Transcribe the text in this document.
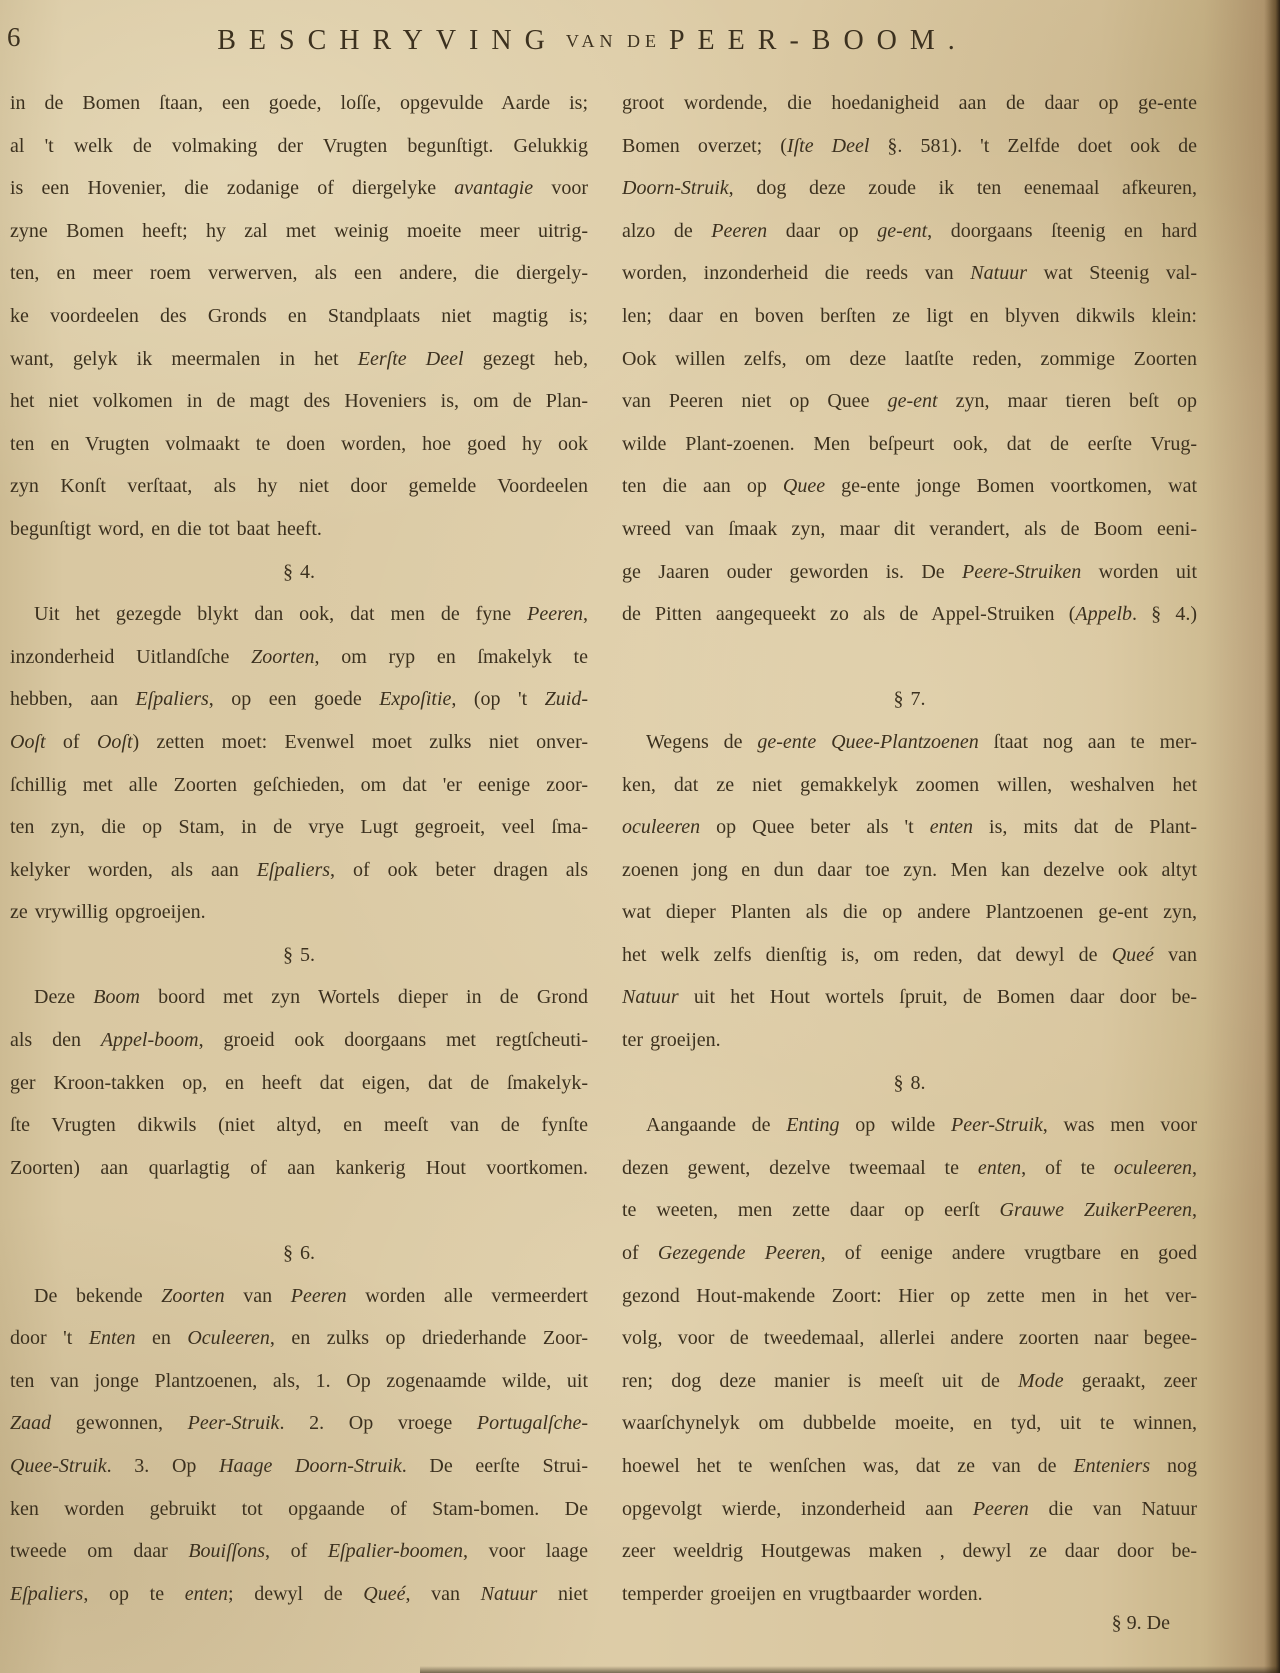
6	BESCHRYVING VAN DE PEER-BOOM.
in de Bomen ſtaan, een goede, loſſe, opgevulde Aarde is;
al 't welk de volmaking der Vrugten begunſtigt. Gelukkig
is een Hovenier, die zodanige of diergelyke avantagie voor
zyne Bomen heeft; hy zal met weinig moeite meer uitrig-
ten, en meer roem verwerven, als een andere, die diergely-
ke voordeelen des Gronds en Standplaats niet magtig is;
want, gelyk ik meermalen in het Eerſte Deel gezegt heb,
het niet volkomen in de magt des Hoveniers is, om de Plan-
ten en Vrugten volmaakt te doen worden, hoe goed hy ook
zyn Konſt verſtaat, als hy niet door gemelde Voordeelen
begunſtigt word, en die tot baat heeft.
§ 4.
Uit het gezegde blykt dan ook, dat men de fyne Peeren,
inzonderheid Uitlandſche Zoorten, om ryp en ſmakelyk te
hebben, aan Eſpaliers, op een goede Expoſitie, (op 't Zuid-
Ooſt of Ooſt) zetten moet: Evenwel moet zulks niet onver-
ſchillig met alle Zoorten geſchieden, om dat 'er eenige zoor-
ten zyn, die op Stam, in de vrye Lugt gegroeit, veel ſma-
kelyker worden, als aan Eſpaliers, of ook beter dragen als
ze vrywillig opgroeijen.
§ 5.
Deze Boom boord met zyn Wortels dieper in de Grond
als den Appel-boom, groeid ook doorgaans met regtſcheuti-
ger Kroon-takken op, en heeft dat eigen, dat de ſmakelyk-
ſte Vrugten dikwils (niet altyd, en meeſt van de fynſte
Zoorten) aan quarlagtig of aan kankerig Hout voortkomen.
§ 6.
De bekende Zoorten van Peeren worden alle vermeerdert
door 't Enten en Oculeeren, en zulks op driederhande Zoor-
ten van jonge Plantzoenen, als, 1. Op zogenaamde wilde, uit
Zaad gewonnen, Peer-Struik. 2. Op vroege Portugalſche-
Quee-Struik. 3. Op Haage Doorn-Struik. De eerſte Strui-
ken worden gebruikt tot opgaande of Stam-bomen. De
tweede om daar Bouiſſons, of Eſpalier-boomen, voor laage
Eſpaliers, op te enten; dewyl de Queé, van Natuur niet
groot wordende, die hoedanigheid aan de daar op ge-ente
Bomen overzet; (Iſte Deel §. 581). 't Zelfde doet ook de
Doorn-Struik, dog deze zoude ik ten eenemaal afkeuren,
alzo de Peeren daar op ge-ent, doorgaans ſteenig en hard
worden, inzonderheid die reeds van Natuur wat Steenig val-
len; daar en boven berſten ze ligt en blyven dikwils klein:
Ook willen zelfs, om deze laatſte reden, zommige Zoorten
van Peeren niet op Quee ge-ent zyn, maar tieren beſt op
wilde Plant-zoenen. Men beſpeurt ook, dat de eerſte Vrug-
ten die aan op Quee ge-ente jonge Bomen voortkomen, wat
wreed van ſmaak zyn, maar dit verandert, als de Boom eeni-
ge Jaaren ouder geworden is. De Peere-Struiken worden uit
de Pitten aangequeekt zo als de Appel-Struiken (Appelb. § 4.)
§ 7.
Wegens de ge-ente Quee-Plantzoenen ſtaat nog aan te mer-
ken, dat ze niet gemakkelyk zoomen willen, weshalven het
oculeeren op Quee beter als 't enten is, mits dat de Plant-
zoenen jong en dun daar toe zyn. Men kan dezelve ook altyt
wat dieper Planten als die op andere Plantzoenen ge-ent zyn,
het welk zelfs dienſtig is, om reden, dat dewyl de Queé van
Natuur uit het Hout wortels ſpruit, de Bomen daar door be-
ter groeijen.
§ 8.
Aangaande de Enting op wilde Peer-Struik, was men voor
dezen gewent, dezelve tweemaal te enten, of te oculeeren,
te weeten, men zette daar op eerſt Grauwe ZuikerPeeren,
of Gezegende Peeren, of eenige andere vrugtbare en goed
gezond Hout-makende Zoort: Hier op zette men in het ver-
volg, voor de tweedemaal, allerlei andere zoorten naar begee-
ren; dog deze manier is meeſt uit de Mode geraakt, zeer
waarſchynelyk om dubbelde moeite, en tyd, uit te winnen,
hoewel het te wenſchen was, dat ze van de Enteniers nog
opgevolgt wierde, inzonderheid aan Peeren die van Natuur
zeer weeldrig Houtgewas maken , dewyl ze daar door be-
temperder groeijen en vrugtbaarder worden.
§ 9. De
